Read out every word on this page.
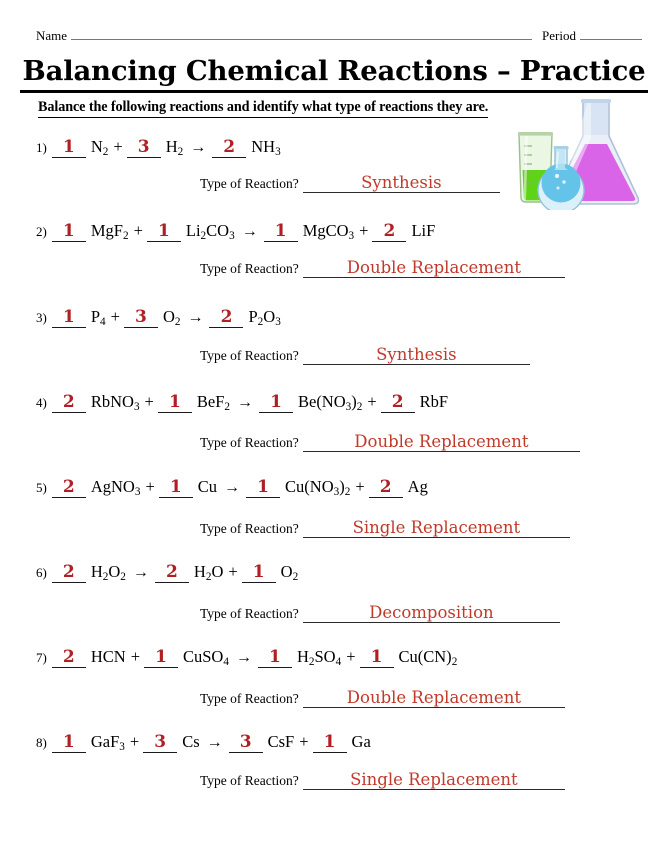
Name	Period
Balancing Chemical Reactions – Practice
Balance the following reactions and identify what type of reactions they are.
1) 1 $N_2 + 3$ $H_2$ →	2 $NH_3$
Type of Reaction?	Synthesis
2) 1 MgF$_2$ + 1 $Li_2CO_3$ →	1 MgCO$_3$ + 2 LiF
Type of Reaction?	Double Replacement
3) 1 $P_4 + 3$ $O_2$ →	2 $P_2O_3$
Type of Reaction?	Synthesis
4) 2 RbNO$_3$ + 1 BeF$_2$ →	1 $Be(NO_3)_2 + 2$ RbF
Type of Reaction?	Double Replacement
5) 2 AgNO$_3$ + 1 Cu →	1 $Cu(NO_3)_2 + 2$ Ag
Type of Reaction?	Single Replacement
6) 2 $H_2O_2$ →	2 $H_2O + 1$ $O_2$
Type of Reaction?	Decomposition
7) 2 HCN + 1 CuSO$_4$ →	1 $H_2SO_4 + 1$ $Cu(CN)_2$
Type of Reaction?	Double Replacement
8) 1 GaF$_3$ + 3 Cs →	3 CsF + 1 Ga
Type of Reaction?	Single Replacement
